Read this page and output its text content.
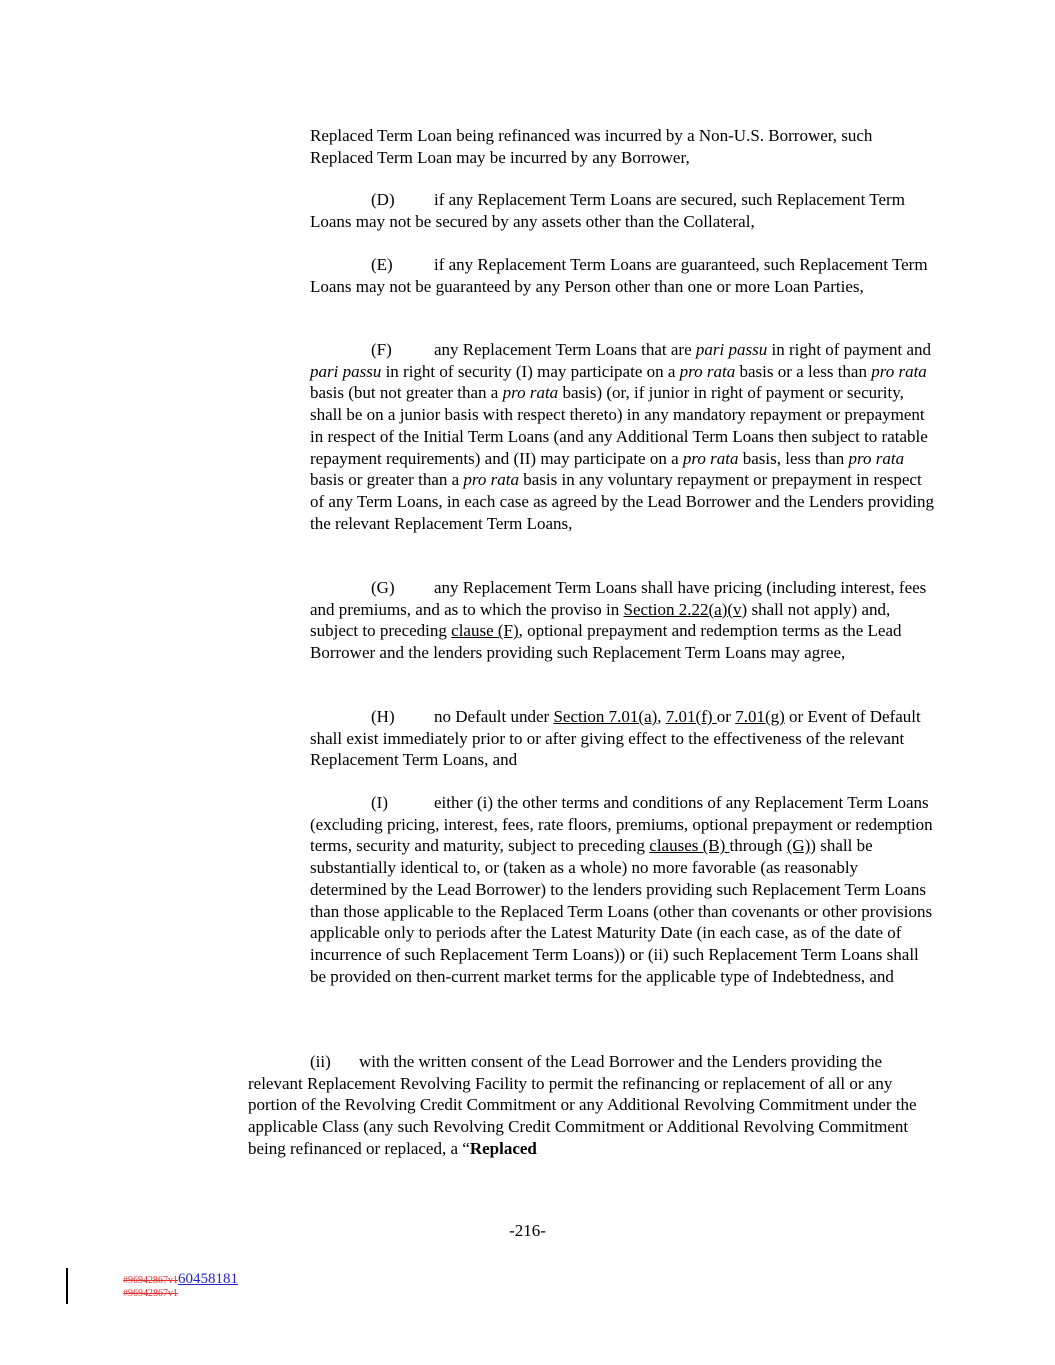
Replaced Term Loan being refinanced was incurred by a Non-U.S. Borrower, such Replaced Term Loan may be incurred by any Borrower,

(D) if any Replacement Term Loans are secured, such Replacement Term Loans may not be secured by any assets other than the Collateral,

(E) if any Replacement Term Loans are guaranteed, such Replacement Term Loans may not be guaranteed by any Person other than one or more Loan Parties,

(F) any Replacement Term Loans that are pari passu in right of payment and pari passu in right of security (I) may participate on a pro rata basis or a less than pro rata basis (but not greater than a pro rata basis) (or, if junior in right of payment or security, shall be on a junior basis with respect thereto) in any mandatory repayment or prepayment in respect of the Initial Term Loans (and any Additional Term Loans then subject to ratable repayment requirements) and (II) may participate on a pro rata basis, less than pro rata basis or greater than a pro rata basis in any voluntary repayment or prepayment in respect of any Term Loans, in each case as agreed by the Lead Borrower and the Lenders providing the relevant Replacement Term Loans,

(G) any Replacement Term Loans shall have pricing (including interest, fees and premiums, and as to which the proviso in Section 2.22(a)(v) shall not apply) and, subject to preceding clause (F), optional prepayment and redemption terms as the Lead Borrower and the lenders providing such Replacement Term Loans may agree,

(H) no Default under Section 7.01(a), 7.01(f) or 7.01(g) or Event of Default shall exist immediately prior to or after giving effect to the effectiveness of the relevant Replacement Term Loans, and

(I)	either (i) the other terms and conditions of any Replacement Term Loans (excluding pricing, interest, fees, rate floors, premiums, optional prepayment or redemption terms, security and maturity, subject to preceding clauses (B) through (G)) shall be substantially identical to, or (taken as a whole) no more favorable (as reasonably determined by the Lead Borrower) to the lenders providing such Replacement Term Loans than those applicable to the Replaced Term Loans (other than covenants or other provisions applicable only to periods after the Latest Maturity Date (in each case, as of the date of incurrence of such Replacement Term Loans)) or (ii) such Replacement Term Loans shall be provided on then-current market terms for the applicable type of Indebtedness, and

(ii) with the written consent of the Lead Borrower and the Lenders providing the relevant Replacement Revolving Facility to permit the refinancing or replacement of all or any portion of the Revolving Credit Commitment or any Additional Revolving Commitment under the applicable Class (any such Revolving Credit Commitment or Additional Revolving Commitment being refinanced or replaced, a “Replaced

-216-
#96942867v160458181
#96942867v1
